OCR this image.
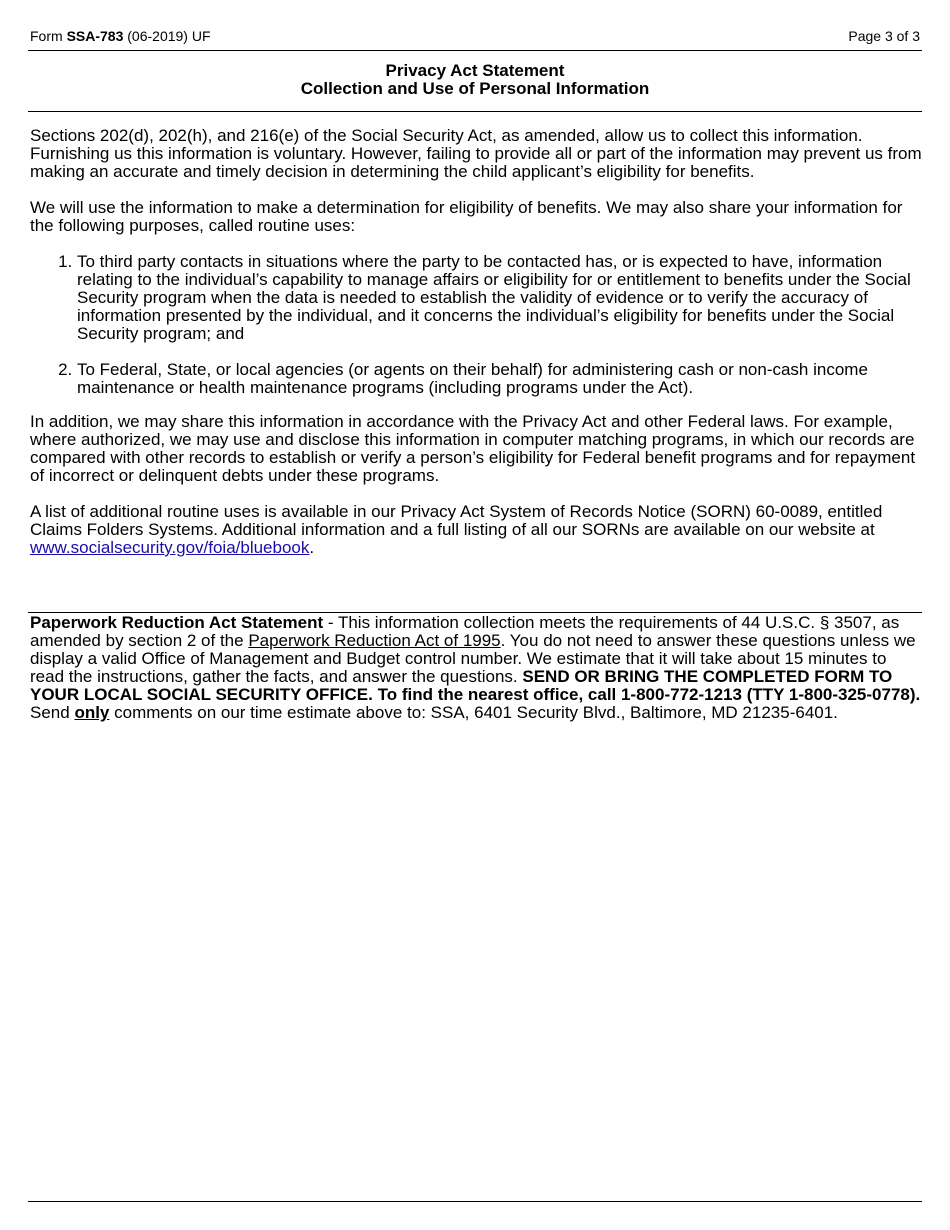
Form SSA-783 (06-2019) UF	Page 3 of 3
Privacy Act Statement
Collection and Use of Personal Information

Sections 202(d), 202(h), and 216(e) of the Social Security Act, as amended, allow us to collect this information. Furnishing us this information is voluntary. However, failing to provide all or part of the information may prevent us from making an accurate and timely decision in determining the child applicant’s eligibility for benefits.

We will use the information to make a determination for eligibility of benefits. We may also share your information for the following purposes, called routine uses:

1. To third party contacts in situations where the party to be contacted has, or is expected to have, information relating to the individual’s capability to manage affairs or eligibility for or entitlement to benefits under the Social Security program when the data is needed to establish the validity of evidence or to verify the accuracy of information presented by the individual, and it concerns the individual’s eligibility for benefits under the Social Security program; and
2. To Federal, State, or local agencies (or agents on their behalf) for administering cash or non-cash income maintenance or health maintenance programs (including programs under the Act).

In addition, we may share this information in accordance with the Privacy Act and other Federal laws. For example, where authorized, we may use and disclose this information in computer matching programs, in which our records are compared with other records to establish or verify a person’s eligibility for Federal benefit programs and for repayment of incorrect or delinquent debts under these programs.

A list of additional routine uses is available in our Privacy Act System of Records Notice (SORN) 60-0089, entitled Claims Folders Systems. Additional information and a full listing of all our SORNs are available on our website at www.socialsecurity.gov/foia/bluebook.

Paperwork Reduction Act Statement - This information collection meets the requirements of 44 U.S.C. § 3507, as amended by section 2 of the Paperwork Reduction Act of 1995. You do not need to answer these questions unless we display a valid Office of Management and Budget control number. We estimate that it will take about 15 minutes to read the instructions, gather the facts, and answer the questions. SEND OR BRING THE COMPLETED FORM TO YOUR LOCAL SOCIAL SECURITY OFFICE. To find the nearest office, call 1-800-772-1213 (TTY 1-800-325-0778). Send only comments on our time estimate above to: SSA, 6401 Security Blvd., Baltimore, MD 21235-6401.
